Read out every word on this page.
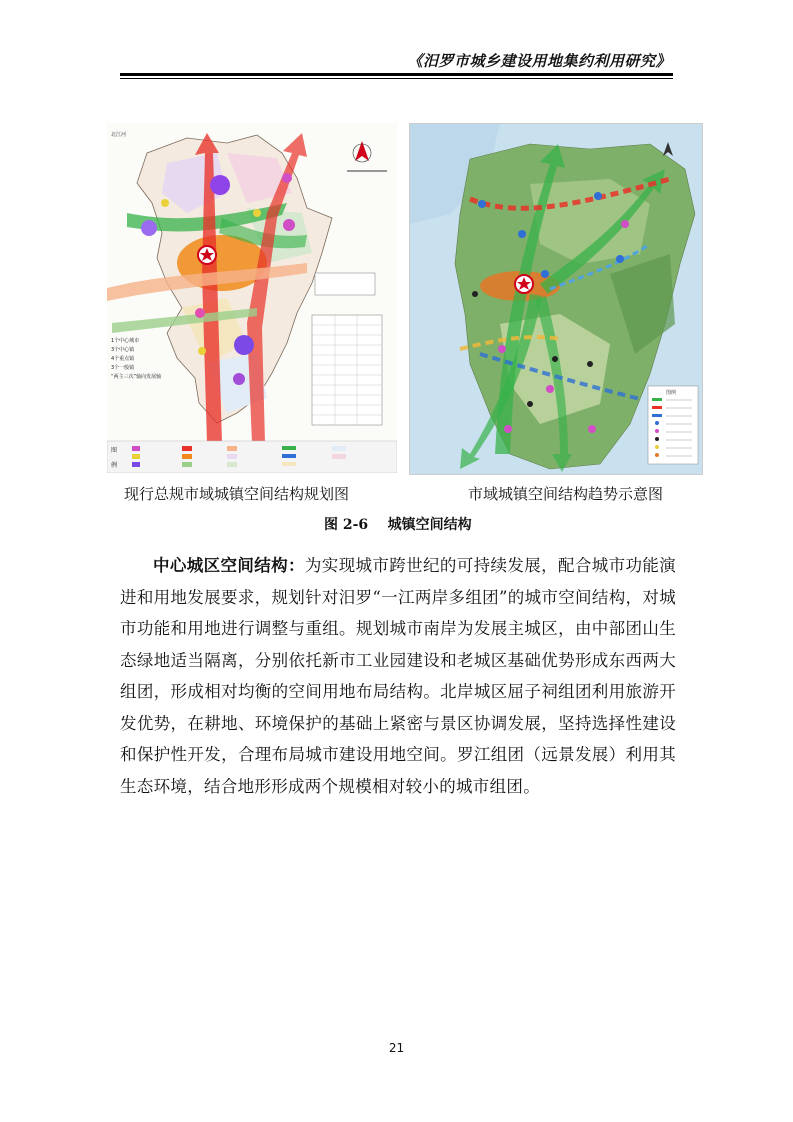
《汨罗市城乡建设用地集约利用研究》
北江河
1个中心城市
3个中心镇
4个重点镇
3个一般镇
“两主三次”轴向发展轴
图
例
图例
现行总规市域城镇空间结构规划图	市域城镇空间结构趋势示意图
图 2-6    城镇空间结构

中心城区空间结构：为实现城市跨世纪的可持续发展，配合城市功能演进和用地发展要求，规划针对汨罗“一江两岸多组团”的城市空间结构，对城市功能和用地进行调整与重组。规划城市南岸为发展主城区，由中部团山生态绿地适当隔离，分别依托新市工业园建设和老城区基础优势形成东西两大组团，形成相对均衡的空间用地布局结构。北岸城区屈子祠组团利用旅游开发优势，在耕地、环境保护的基础上紧密与景区协调发展，坚持选择性建设和保护性开发，合理布局城市建设用地空间。罗江组团（远景发展）利用其生态环境，结合地形形成两个规模相对较小的城市组团。

21
